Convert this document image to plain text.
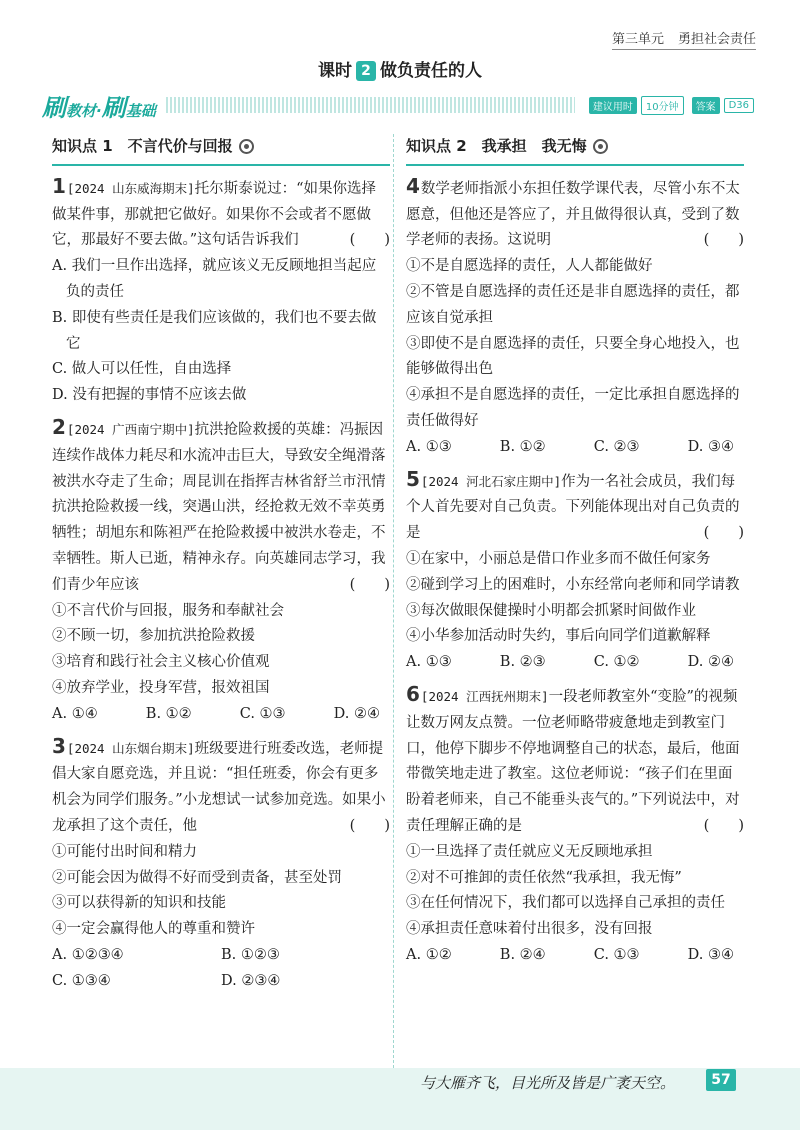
第三单元 勇担社会责任
课时 2 做负责任的人
刷教材·刷基础	建议用时	10分钟	答案	D36
知识点 1　不言代价与回报
1[2024 山东威海期末]托尔斯泰说过：“如果你选择做某件事，那就把它做好。如果你不会或者不愿做它，那最好不要去做。”这句话告诉我们	(　　)
A. 我们一旦作出选择，就应该义无反顾地担当起应负的责任
B. 即使有些责任是我们应该做的，我们也不要去做它
C. 做人可以任性，自由选择
D. 没有把握的事情不应该去做
2[2024 广西南宁期中]抗洪抢险救援的英雄：冯振因连续作战体力耗尽和水流冲击巨大，导致安全绳滑落被洪水夺走了生命；周昆训在指挥吉林省舒兰市汛情抗洪抢险救援一线，突遇山洪，经抢救无效不幸英勇牺牲；胡旭东和陈袒严在抢险救援中被洪水卷走，不幸牺牲。斯人已逝，精神永存。向英雄同志学习，我们青少年应该	(　　)
①不言代价与回报，服务和奉献社会
②不顾一切，参加抗洪抢险救援
③培育和践行社会主义核心价值观
④放弃学业，投身军营，报效祖国
A. ①④	B. ①②	C. ①③	D. ②④
3[2024 山东烟台期末]班级要进行班委改选，老师提倡大家自愿竞选，并且说：“担任班委，你会有更多机会为同学们服务。”小龙想试一试参加竞选。如果小龙承担了这个责任，他	(　　)
①可能付出时间和精力
②可能会因为做得不好而受到责备，甚至处罚
③可以获得新的知识和技能
④一定会赢得他人的尊重和赞许
A. ①②③④	B. ①②③
C. ①③④	D. ②③④
知识点 2　我承担　我无悔
4数学老师指派小东担任数学课代表，尽管小东不太愿意，但他还是答应了，并且做得很认真，受到了数学老师的表扬。这说明	(　　)
①不是自愿选择的责任，人人都能做好
②不管是自愿选择的责任还是非自愿选择的责任，都应该自觉承担
③即使不是自愿选择的责任，只要全身心地投入，也能够做得出色
④承担不是自愿选择的责任，一定比承担自愿选择的责任做得好
A. ①③	B. ①②	C. ②③	D. ③④
5[2024 河北石家庄期中]作为一名社会成员，我们每个人首先要对自己负责。下列能体现出对自己负责的是	(　　)
①在家中，小丽总是借口作业多而不做任何家务
②碰到学习上的困难时，小东经常向老师和同学请教
③每次做眼保健操时小明都会抓紧时间做作业
④小华参加活动时失约，事后向同学们道歉解释
A. ①③	B. ②③	C. ①②	D. ②④
6[2024 江西抚州期末]一段老师教室外“变脸”的视频让数万网友点赞。一位老师略带疲惫地走到教室门口，他停下脚步不停地调整自己的状态，最后，他面带微笑地走进了教室。这位老师说：“孩子们在里面盼着老师来，自己不能垂头丧气的。”下列说法中，对责任理解正确的是	(　　)
①一旦选择了责任就应义无反顾地承担
②对不可推卸的责任依然“我承担，我无悔”
③在任何情况下，我们都可以选择自己承担的责任
④承担责任意味着付出很多，没有回报
A. ①②	B. ②④	C. ①③	D. ③④
与大雁齐飞，目光所及皆是广袤天空。	57
